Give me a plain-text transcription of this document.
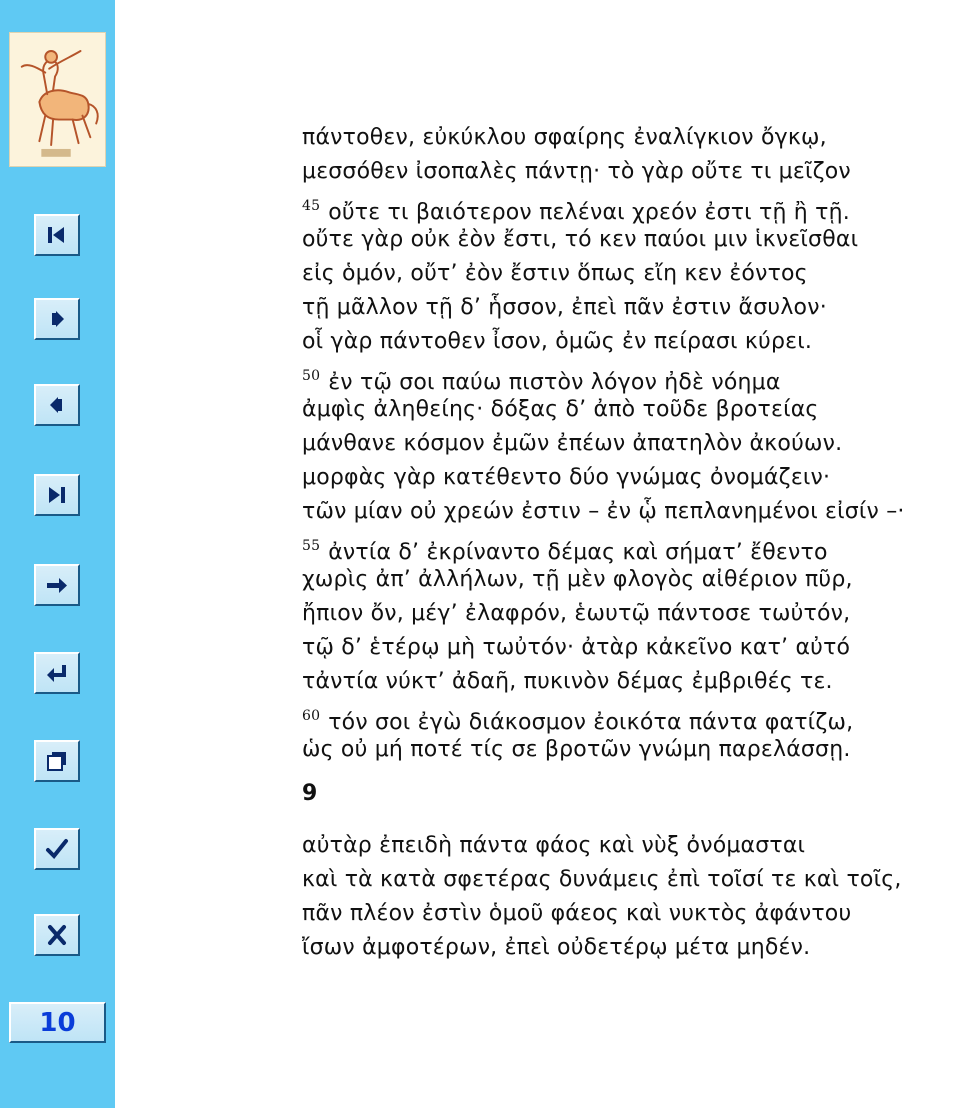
10
πάντοθεν, εὐκύκλου σφαίρης ἐναλίγκιον ὄγκῳ,
μεσσόθεν ἰσοπαλὲς πάντῃ· τὸ γὰρ οὔτε τι μεῖζον
$^{45}$ οὔτε τι βαιότερον πελέναι χρεόν ἐστι τῇ ἢ τῇ.
οὔτε γὰρ οὐκ ἐὸν ἔστι, τό κεν παύοι μιν ἱκνεῖσθαι
εἰς ὁμόν, οὔτ’ ἐὸν ἔστιν ὅπως εἴη κεν ἐόντος
τῇ μᾶλλον τῇ δ’ ἧσσον, ἐπεὶ πᾶν ἐστιν ἄσυλον·
οἷ γὰρ πάντοθεν ἶσον, ὁμῶς ἐν πείρασι κύρει.
$^{50}$ ἐν τῷ σοι παύω πιστὸν λόγον ἠδὲ νόημα
ἀμφὶς ἀληθείης· δόξας δ’ ἀπὸ τοῦδε βροτείας
μάνθανε κόσμον ἐμῶν ἐπέων ἀπατηλὸν ἀκούων.
μορφὰς γὰρ κατέθεντο δύο γνώμας ὀνομάζειν·
τῶν μίαν οὐ χρεών ἐστιν – ἐν ᾧ πεπλανημένοι εἰσίν –·
$^{55}$ ἀντία δ’ ἐκρίναντο δέμας καὶ σήματ’ ἔθεντο
χωρὶς ἀπ’ ἀλλήλων, τῇ μὲν φλογὸς αἰθέριον πῦρ,
ἤπιον ὄν, μέγ’ ἐλαφρόν, ἑωυτῷ πάντοσε τωὐτόν,
τῷ δ’ ἑτέρῳ μὴ τωὐτόν· ἀτὰρ κἀκεῖνο κατ’ αὐτό
τἀντία νύκτ’ ἀδαῆ, πυκινὸν δέμας ἐμβριθές τε.
$^{60}$ τόν σοι ἐγὼ διάκοσμον ἐοικότα πάντα φατίζω,
ὡς οὐ μή ποτέ τίς σε βροτῶν γνώμη παρελάσσῃ.
9
αὐτὰρ ἐπειδὴ πάντα φάος καὶ νὺξ ὀνόμασται
καὶ τὰ κατὰ σφετέρας δυνάμεις ἐπὶ τοῖσί τε καὶ τοῖς,
πᾶν πλέον ἐστὶν ὁμοῦ φάεος καὶ νυκτὸς ἀφάντου
ἴσων ἀμφοτέρων, ἐπεὶ οὐδετέρῳ μέτα μηδέν.
